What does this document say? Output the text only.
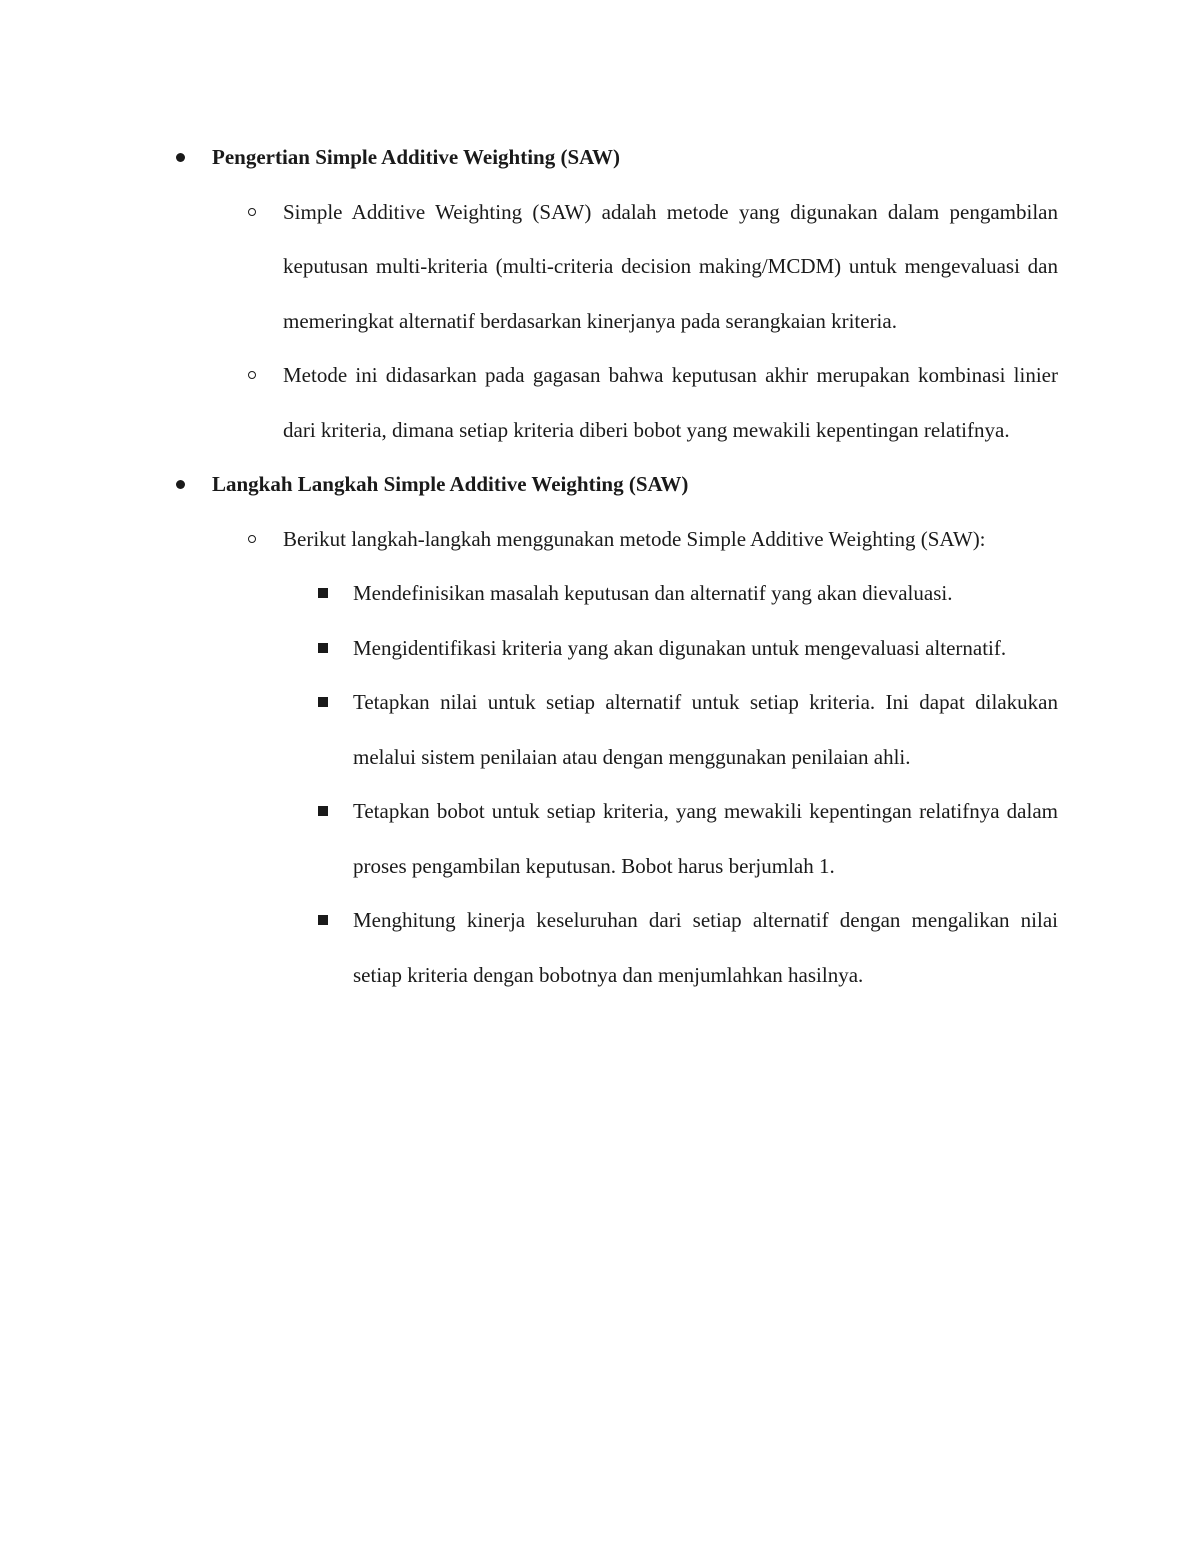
Pengertian Simple Additive Weighting (SAW)
Simple Additive Weighting (SAW) adalah metode yang digunakan dalam pengambilan keputusan multi-kriteria (multi-criteria decision making/MCDM) untuk mengevaluasi dan memeringkat alternatif berdasarkan kinerjanya pada serangkaian kriteria.
Metode ini didasarkan pada gagasan bahwa keputusan akhir merupakan kombinasi linier dari kriteria, dimana setiap kriteria diberi bobot yang mewakili kepentingan relatifnya.
Langkah Langkah Simple Additive Weighting (SAW)
Berikut langkah-langkah menggunakan metode Simple Additive Weighting (SAW):
Mendefinisikan masalah keputusan dan alternatif yang akan dievaluasi.
Mengidentifikasi kriteria yang akan digunakan untuk mengevaluasi alternatif.
Tetapkan nilai untuk setiap alternatif untuk setiap kriteria. Ini dapat dilakukan melalui sistem penilaian atau dengan menggunakan penilaian ahli.
Tetapkan bobot untuk setiap kriteria, yang mewakili kepentingan relatifnya dalam proses pengambilan keputusan. Bobot harus berjumlah 1.
Menghitung kinerja keseluruhan dari setiap alternatif dengan mengalikan nilai setiap kriteria dengan bobotnya dan menjumlahkan hasilnya.
